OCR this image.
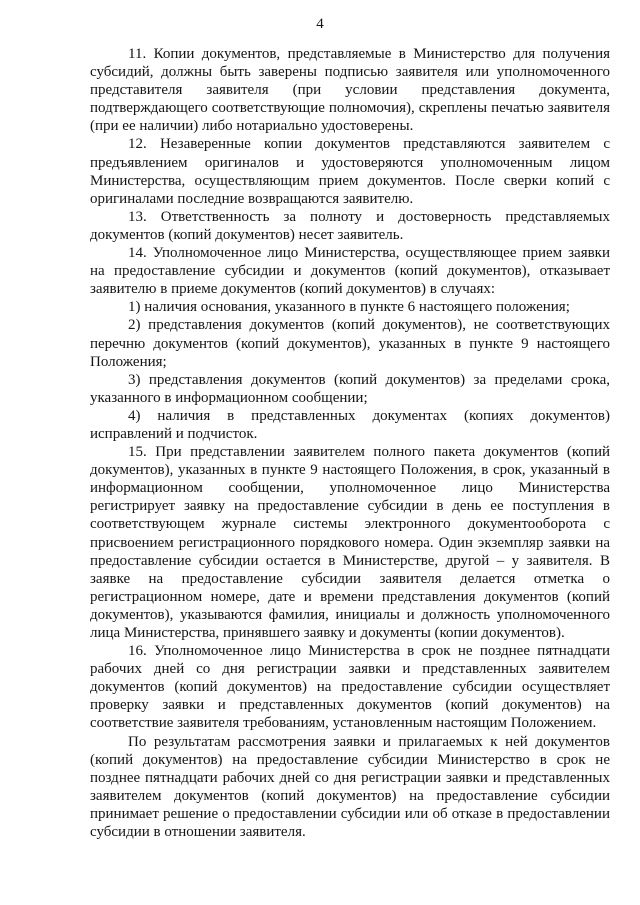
4

11. Копии документов, представляемые в Министерство для получения субсидий, должны быть заверены подписью заявителя или уполномоченного представителя заявителя (при условии представления документа, подтверждающего соответствующие полномочия), скреплены печатью заявителя (при ее наличии) либо нотариально удостоверены.

12. Незаверенные копии документов представляются заявителем с предъявлением оригиналов и удостоверяются уполномоченным лицом Министерства, осуществляющим прием документов. После сверки копий с оригиналами последние возвращаются заявителю.

13. Ответственность за полноту и достоверность представляемых документов (копий документов) несет заявитель.

14. Уполномоченное лицо Министерства, осуществляющее прием заявки на предоставление субсидии и документов (копий документов), отказывает заявителю в приеме документов (копий документов) в случаях:

1) наличия основания, указанного в пункте 6 настоящего положения;

2) представления документов (копий документов), не соответствующих перечню документов (копий документов), указанных в пункте 9 настоящего Положения;

3) представления документов (копий документов) за пределами срока, указанного в информационном сообщении;

4) наличия в представленных документах (копиях документов) исправлений и подчисток.

15. При представлении заявителем полного пакета документов (копий документов), указанных в пункте 9 настоящего Положения, в срок, указанный в информационном сообщении, уполномоченное лицо Министерства регистрирует заявку на предоставление субсидии в день ее поступления в соответствующем журнале системы электронного документооборота с присвоением регистрационного порядкового номера. Один экземпляр заявки на предоставление субсидии остается в Министерстве, другой – у заявителя. В заявке на предоставление субсидии заявителя делается отметка о регистрационном номере, дате и времени представления документов (копий документов), указываются фамилия, инициалы и должность уполномоченного лица Министерства, принявшего заявку и документы (копии документов).

16. Уполномоченное лицо Министерства в срок не позднее пятнадцати рабочих дней со дня регистрации заявки и представленных заявителем документов (копий документов) на предоставление субсидии осуществляет проверку заявки и представленных документов (копий документов) на соответствие заявителя требованиям, установленным настоящим Положением.

По результатам рассмотрения заявки и прилагаемых к ней документов (копий документов) на предоставление субсидии Министерство в срок не позднее пятнадцати рабочих дней со дня регистрации заявки и представленных заявителем документов (копий документов) на предоставление субсидии принимает решение о предоставлении субсидии или об отказе в предоставлении субсидии в отношении заявителя.
